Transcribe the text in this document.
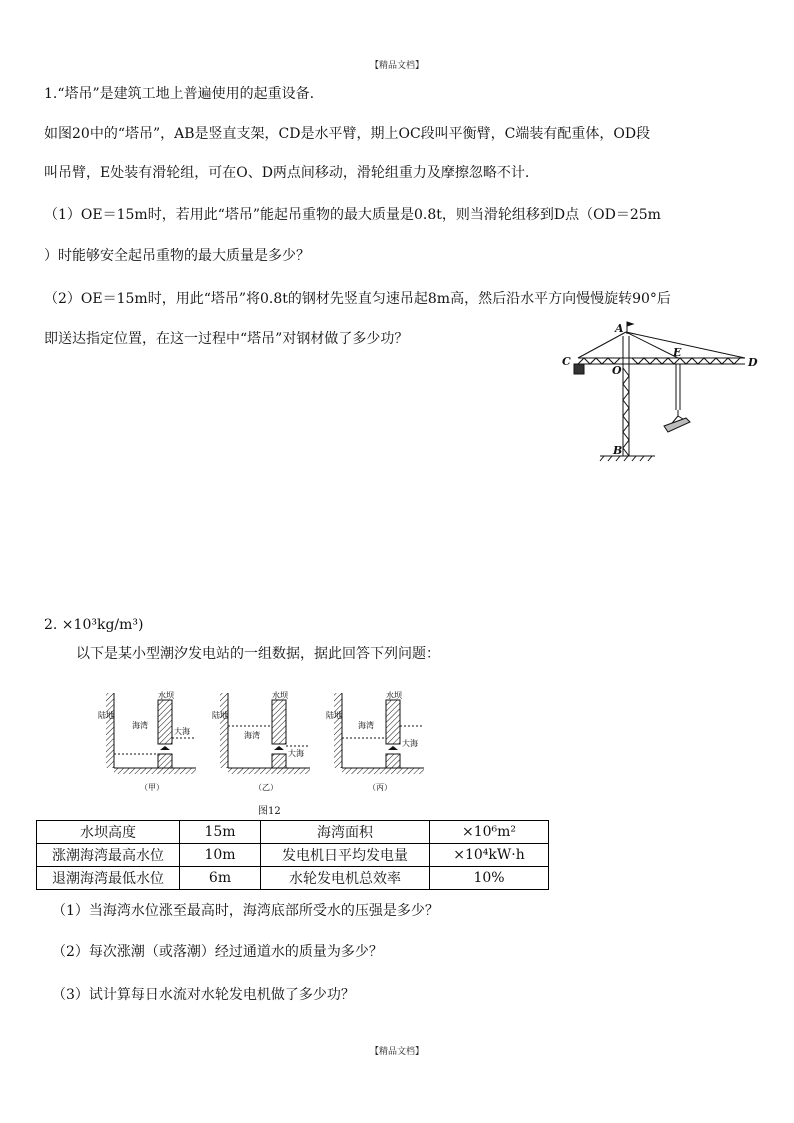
【精品文档】
【精品文档】
1.“塔吊”是建筑工地上普遍使用的起重设备.
如图20中的“塔吊”，AB是竖直支架，CD是水平臂，期上OC段叫平衡臂，C端装有配重体，OD段
叫吊臂，E处装有滑轮组，可在O、D两点间移动，滑轮组重力及摩擦忽略不计.
（1）OE＝15m时，若用此“塔吊”能起吊重物的最大质量是0.8t，则当滑轮组移到D点（OD＝25m
）时能够安全起吊重物的最大质量是多少？
（2）OE＝15m时，用此“塔吊”将0.8t的钢材先竖直匀速吊起8m高，然后沿水平方向慢慢旋转90°后
即送达指定位置，在这一过程中“塔吊”对钢材做了多少功？
A
B
C	D
E
O
2. ×10³kg/m³)
以下是某小型潮汐发电站的一组数据，据此回答下列问题：
陆地
海湾
水坝
大海
（甲）
陆地
海湾
水坝
大海
（乙）
陆地
海湾
水坝
大海
（丙）
图12
水坝高度	15m	海湾面积	×10⁶m²
涨潮海湾最高水位	10m	发电机日平均发电量	×10⁴kW·h
退潮海湾最低水位	6m	水轮发电机总效率	10%
（1）当海湾水位涨至最高时，海湾底部所受水的压强是多少？
（2）每次涨潮（或落潮）经过通道水的质量为多少？
（3）试计算每日水流对水轮发电机做了多少功？
